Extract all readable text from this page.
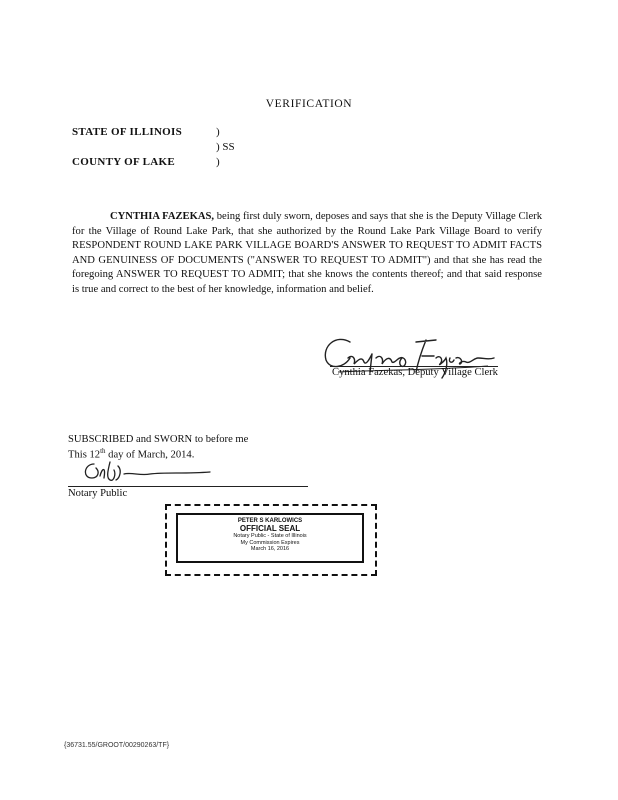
VERIFICATION
STATE OF ILLINOIS	)
) SS
COUNTY OF LAKE	)
CYNTHIA FAZEKAS, being first duly sworn, deposes and says that she is the Deputy Village Clerk for the Village of Round Lake Park, that she authorized by the Round Lake Park Village Board to verify RESPONDENT ROUND LAKE PARK VILLAGE BOARD'S ANSWER TO REQUEST TO ADMIT FACTS AND GENUINESS OF DOCUMENTS ("ANSWER TO REQUEST TO ADMIT") and that she has read the foregoing ANSWER TO REQUEST TO ADMIT; that she knows the contents thereof; and that said response is true and correct to the best of her knowledge, information and belief.
Cynthia Fazekas, Deputy Village Clerk
SUBSCRIBED and SWORN to before me
This 12th day of March, 2014.
Notary Public
PETER S KARLOWICS
OFFICIAL SEAL
Notary Public - State of Illinois
My Commission Expires
March 16, 2016
{36731.55/GROOT/00290263/TF}
